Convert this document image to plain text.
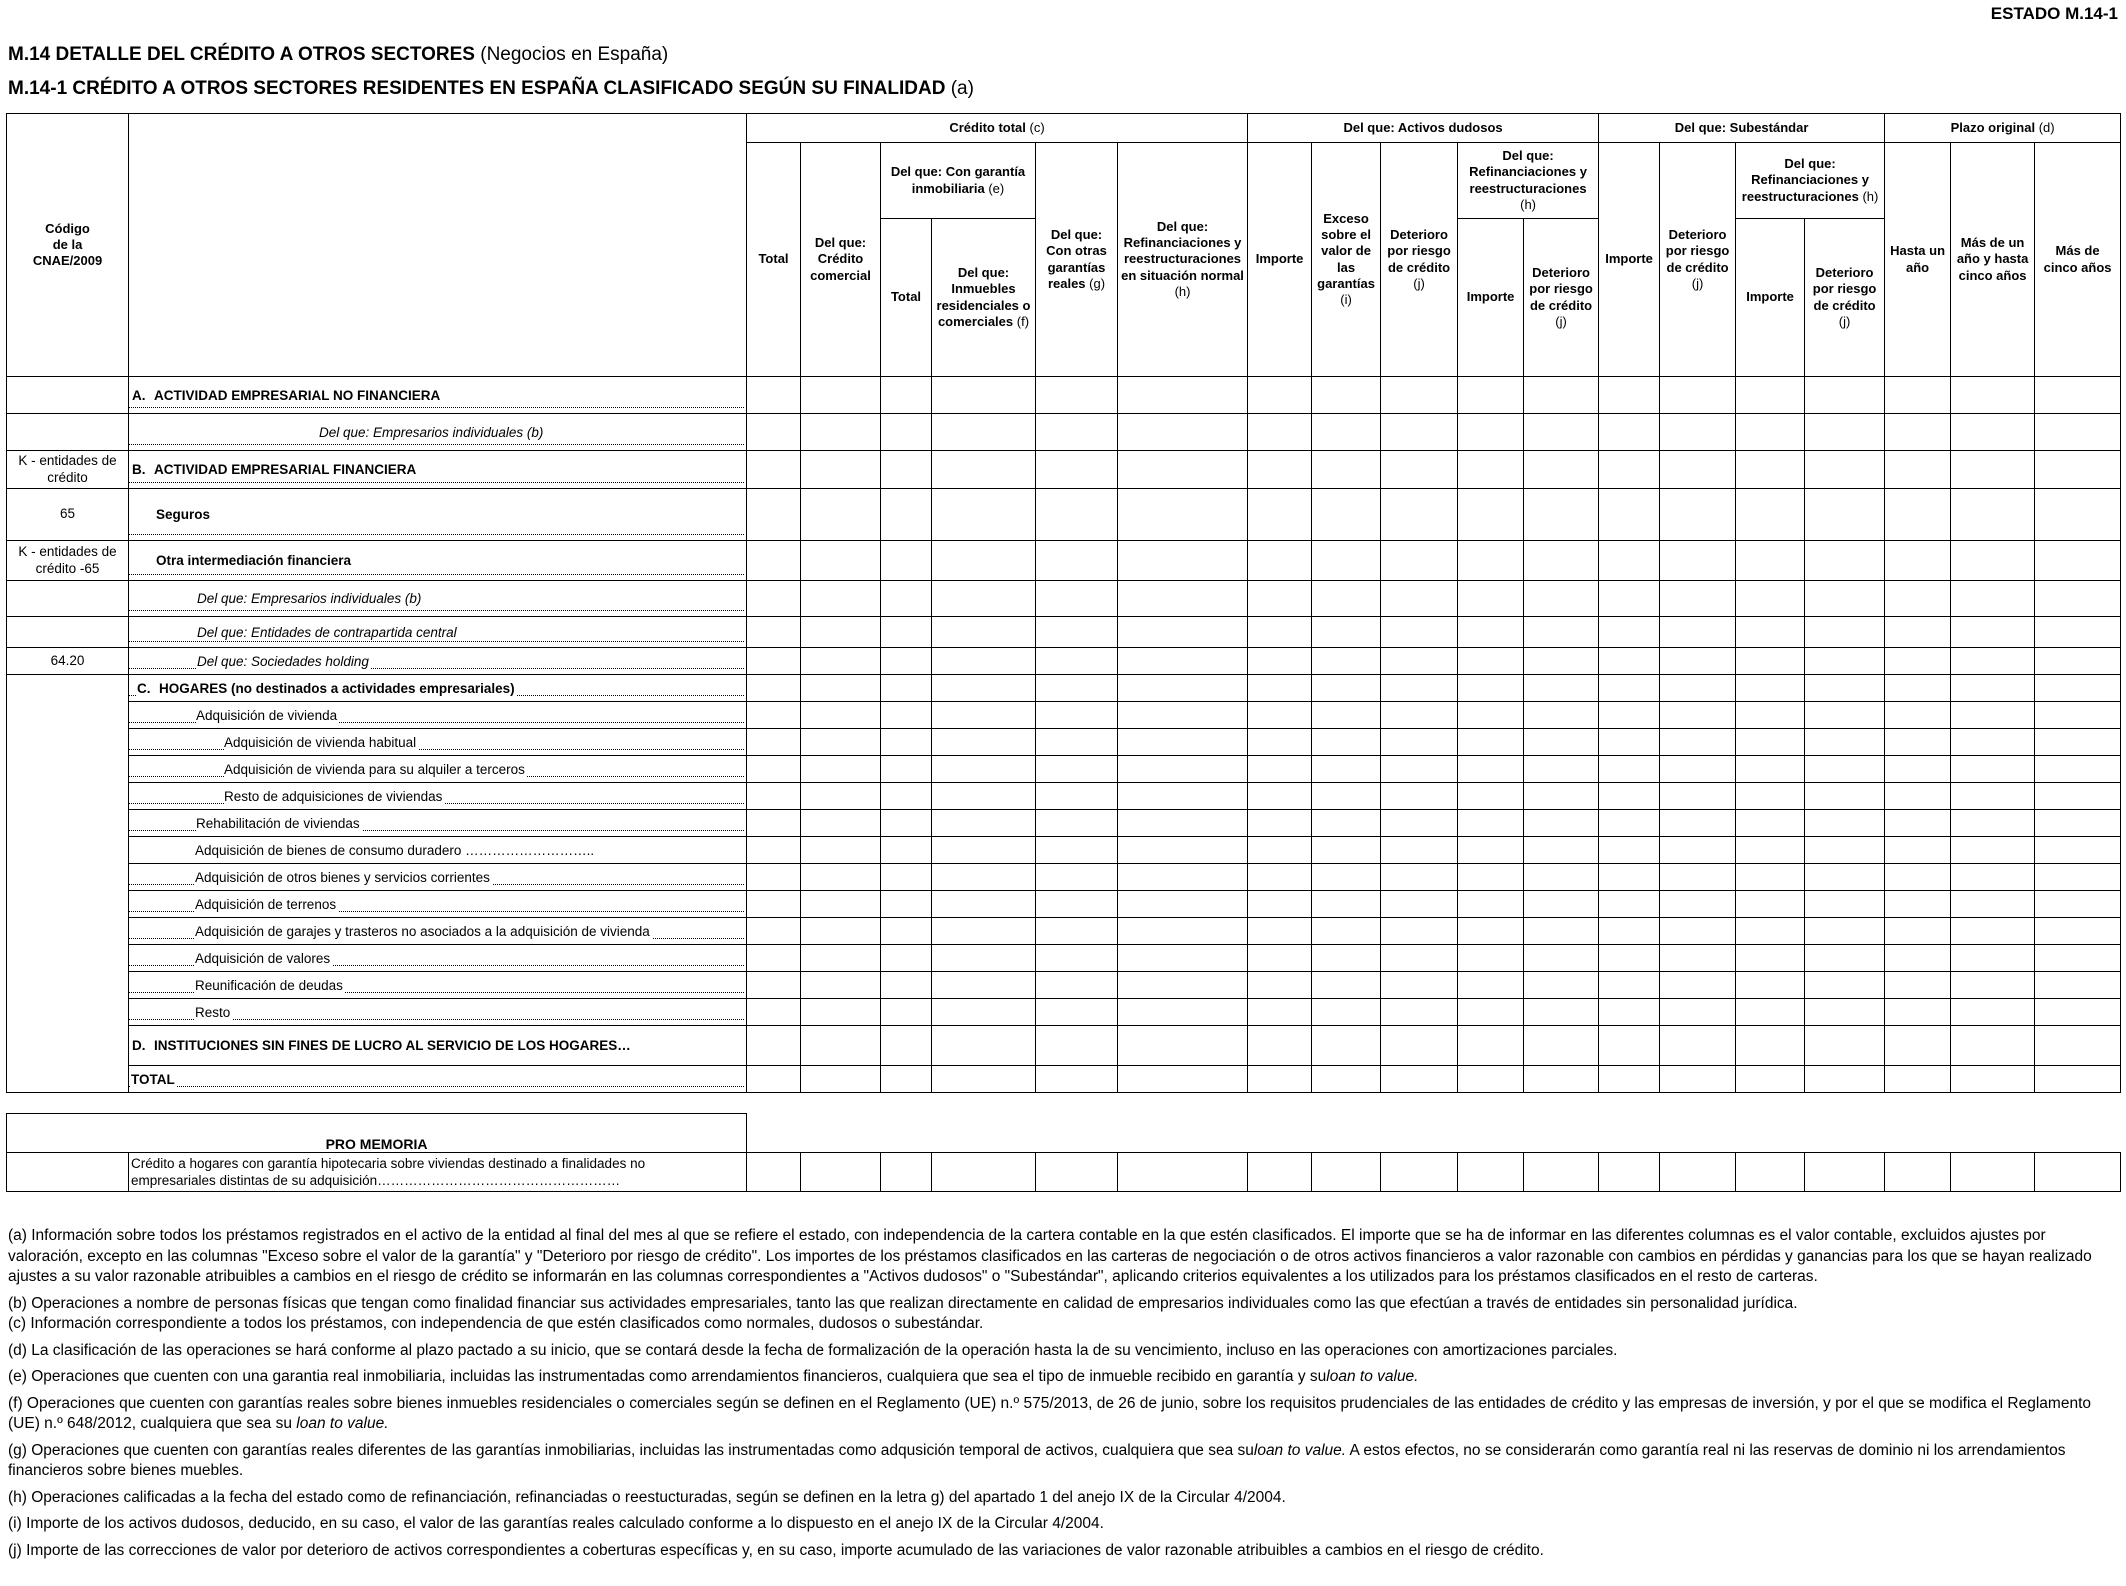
ESTADO M.14-1
M.14 DETALLE DEL CRÉDITO A OTROS SECTORES (Negocios en España)
M.14-1 CRÉDITO A OTROS SECTORES RESIDENTES EN ESPAÑA CLASIFICADO SEGÚN SU FINALIDAD (a)
Código
de la
CNAE/2009		Crédito total (c)						Del que: Activos dudosos					Del que: Subestándar				Plazo original (d)		
		Total	Del que: Crédito comercial	Del que: Con garantía inmobiliaria (e)		Del que: Con otras garantías reales (g)	Del que: Refinanciaciones y reestructuraciones en situación normal (h)	Importe	Exceso sobre el valor de las garantías (i)	Deterioro por riesgo de crédito (j)	Del que: Refinanciaciones y reestructuraciones (h)		Importe	Deterioro por riesgo de crédito (j)	Del que: Refinanciaciones y reestructuraciones (h)		Hasta un año	Más de un año y hasta cinco años	Más de cinco años
				Total	Del que: Inmuebles residenciales o comerciales (f)						Importe	Deterioro por riesgo de crédito (j)			Importe	Deterioro por riesgo de crédito (j)			
	A. ACTIVIDAD EMPRESARIAL NO FINANCIERA

	Del que: Empresarios individuales (b)

K - entidades de crédito	B. ACTIVIDAD EMPRESARIAL FINANCIERA

65	Seguros

K - entidades de crédito -65	Otra intermediación financiera

	Del que: Empresarios individuales (b)

	Del que: Entidades de contrapartida central

64.20	Del que: Sociedades holding

	C. HOGARES (no destinados a actividades empresariales)

	Adquisición de vivienda

	Adquisición de vivienda habitual

	Adquisición de vivienda para su alquiler a terceros

	Resto de adquisiciones de viviendas

	Rehabilitación de viviendas

	Adquisición de bienes de consumo duradero ………………………..																		
	Adquisición de otros bienes y servicios corrientes

	Adquisición de terrenos

	Adquisición de garajes y trasteros no asociados a la adquisición de vivienda

	Adquisición de valores

	Reunificación de deudas

	Resto

	D. INSTITUCIONES SIN FINES DE LUCRO AL SERVICIO DE LOS HOGARES…																		
	TOTAL

PRO MEMORIA																			

	Crédito a hogares con garantía hipotecaria sobre viviendas destinado a finalidades no
empresariales distintas de su adquisición………………………………………………																		

(a) Información sobre todos los préstamos registrados en el activo de la entidad al final del mes al que se refiere el estado, con independencia de la cartera contable en la que estén clasificados. El importe que se ha de informar en las diferentes columnas es el valor contable, excluidos ajustes por valoración, excepto en las columnas "Exceso sobre el valor de la garantía" y "Deterioro por riesgo de crédito". Los importes de los préstamos clasificados en las carteras de negociación o de otros activos financieros a valor razonable con cambios en pérdidas y ganancias para los que se hayan realizado ajustes a su valor razonable atribuibles a cambios en el riesgo de crédito se informarán en las columnas correspondientes a "Activos dudosos" o "Subestándar", aplicando criterios equivalentes a los utilizados para los préstamos clasificados en el resto de carteras.

(b) Operaciones a nombre de personas físicas que tengan como finalidad financiar sus actividades empresariales, tanto las que realizan directamente en calidad de empresarios individuales como las que efectúan a través de entidades sin personalidad jurídica.

(c) Información correspondiente a todos los préstamos, con independencia de que estén clasificados como normales, dudosos o subestándar.

(d) La clasificación de las operaciones se hará conforme al plazo pactado a su inicio, que se contará desde la fecha de formalización de la operación hasta la de su vencimiento, incluso en las operaciones con amortizaciones parciales.

(e) Operaciones que cuenten con una garantia real inmobiliaria, incluidas las instrumentadas como arrendamientos financieros, cualquiera que sea el tipo de inmueble recibido en garantía y suloan to value.

(f) Operaciones que cuenten con garantías reales sobre bienes inmuebles residenciales o comerciales según se definen en el Reglamento (UE) n.º 575/2013, de 26 de junio, sobre los requisitos prudenciales de las entidades de crédito y las empresas de inversión, y por el que se modifica el Reglamento (UE) n.º 648/2012, cualquiera que sea su loan to value.

(g) Operaciones que cuenten con garantías reales diferentes de las garantías inmobiliarias, incluidas las instrumentadas como adqusición temporal de activos, cualquiera que sea suloan to value. A estos efectos, no se considerarán como garantía real ni las reservas de dominio ni los arrendamientos financieros sobre bienes muebles.

(h) Operaciones calificadas a la fecha del estado como de refinanciación, refinanciadas o reestucturadas, según se definen en la letra g) del apartado 1 del anejo IX de la Circular 4/2004.

(i) Importe de los activos dudosos, deducido, en su caso, el valor de las garantías reales calculado conforme a lo dispuesto en el anejo IX de la Circular 4/2004.

(j) Importe de las correcciones de valor por deterioro de activos correspondientes a coberturas específicas y, en su caso, importe acumulado de las variaciones de valor razonable atribuibles a cambios en el riesgo de crédito.
